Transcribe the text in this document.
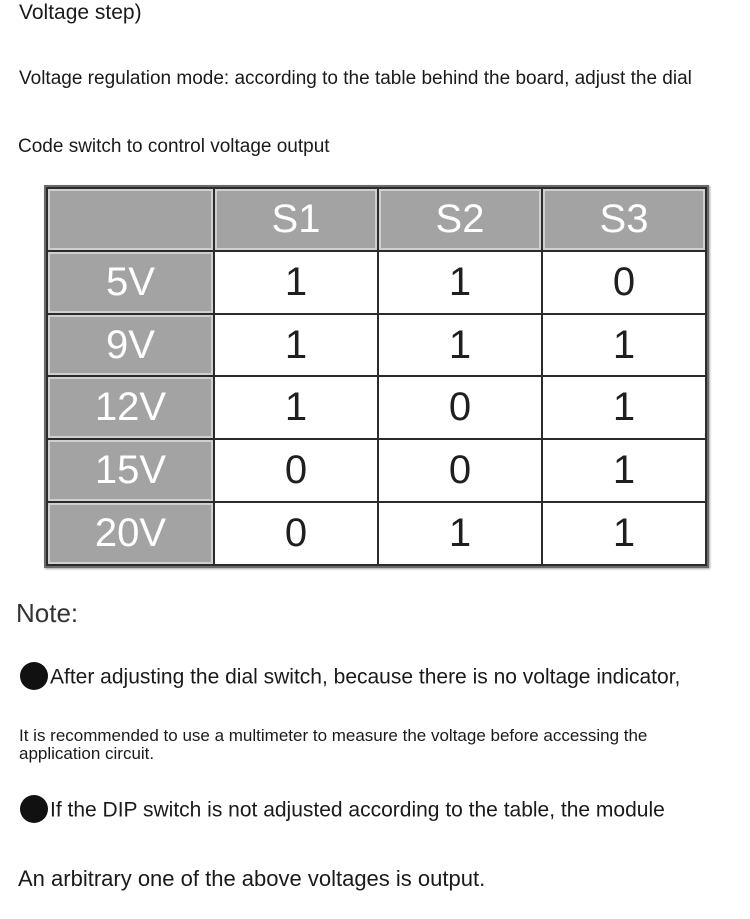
Voltage step)
Voltage regulation mode: according to the table behind the board, adjust the dial
Code switch to control voltage output
	S1	S2	S3
5V	1	1	0
9V	1	1	1
12V	1	0	1
15V	0	0	1
20V	0	1	1
Note:
After adjusting the dial switch, because there is no voltage indicator,
It is recommended to use a multimeter to measure the voltage before accessing the application circuit.
If the DIP switch is not adjusted according to the table, the module
An arbitrary one of the above voltages is output.
